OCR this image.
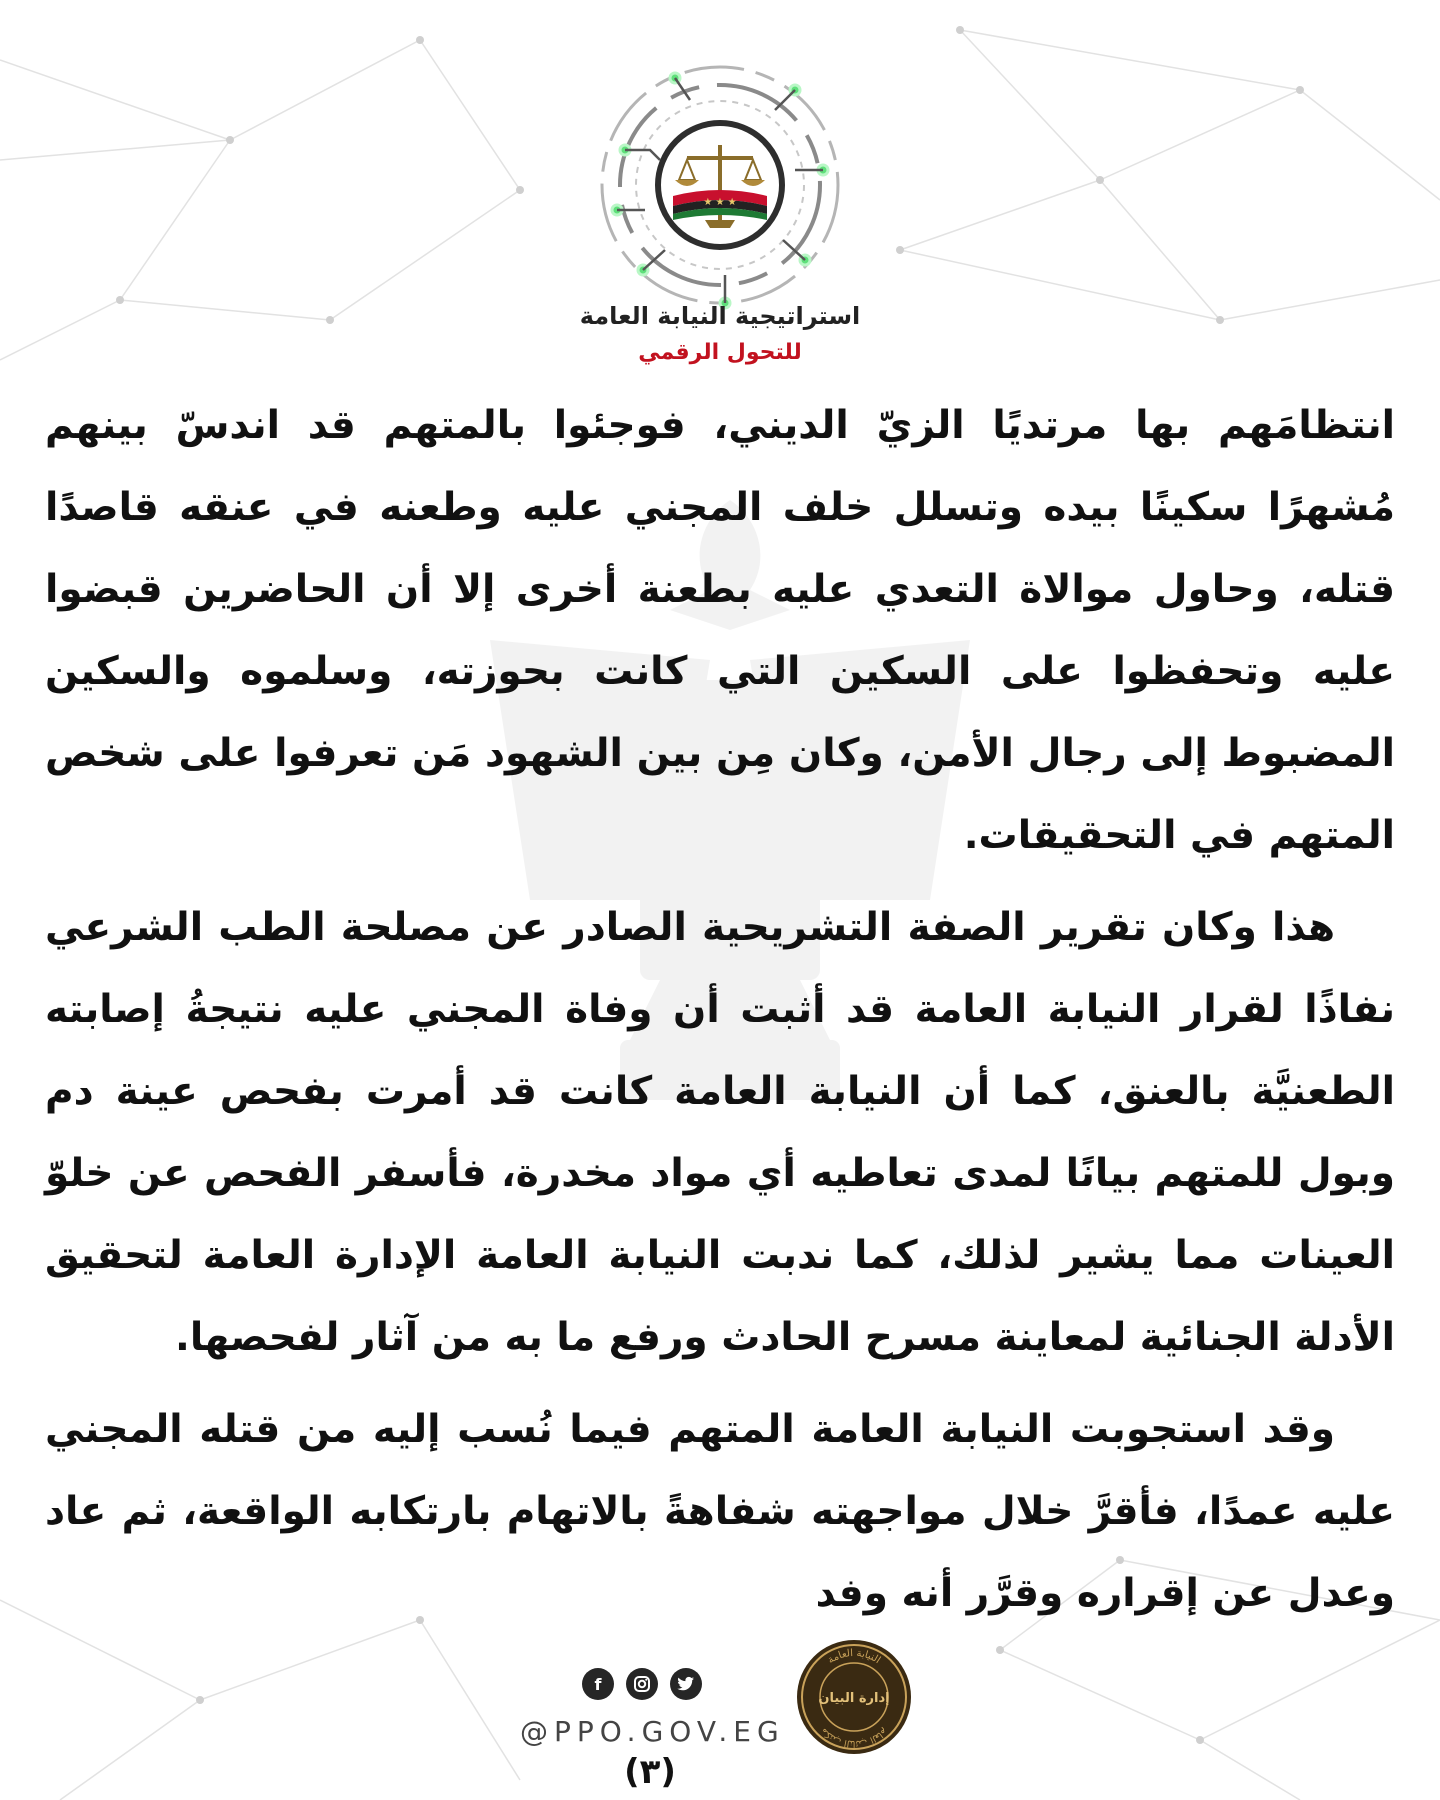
★ ★ ★
استراتيجية النيابة العامة
للتحول الرقمي

انتظامَهم بها مرتديًا الزيّ الديني، فوجئوا بالمتهم قد اندسّ بينهم مُشهرًا سكينًا بيده وتسلل خلف المجني عليه وطعنه في عنقه قاصدًا قتله، وحاول موالاة التعدي عليه بطعنة أخرى إلا أن الحاضرين قبضوا عليه وتحفظوا على السكين التي كانت بحوزته، وسلموه والسكين المضبوط إلى رجال الأمن، وكان مِن بين الشهود مَن تعرفوا على شخص المتهم في التحقيقات.

هذا وكان تقرير الصفة التشريحية الصادر عن مصلحة الطب الشرعي نفاذًا لقرار النيابة العامة قد أثبت أن وفاة المجني عليه نتيجةُ إصابته الطعنيَّة بالعنق، كما أن النيابة العامة كانت قد أمرت بفحص عينة دم وبول للمتهم بيانًا لمدى تعاطيه أي مواد مخدرة، فأسفر الفحص عن خلوّ العينات مما يشير لذلك، كما ندبت النيابة العامة الإدارة العامة لتحقيق الأدلة الجنائية لمعاينة مسرح الحادث ورفع ما به من آثار لفحصها.

وقد استجوبت النيابة العامة المتهم فيما نُسب إليه من قتله المجني عليه عمدًا، فأقرَّ خلال مواجهته شفاهةً بالاتهام بارتكابه الواقعة، ثم عاد وعدل عن إقراره وقرَّر أنه وفد

f
@PPO.GOV.EG
النيابة العامة
مكتب النائب العام
إدارة البيان
(٣)
